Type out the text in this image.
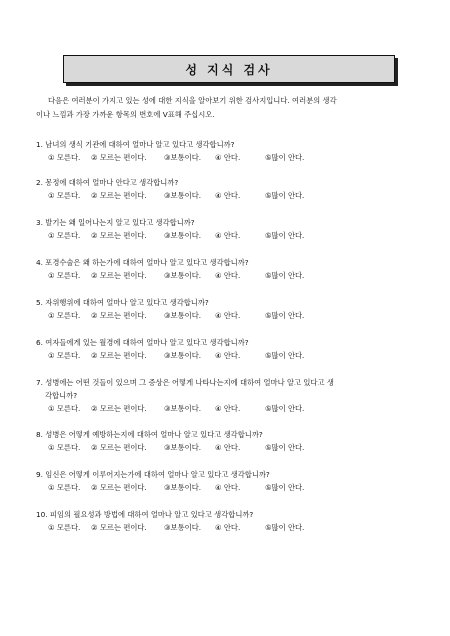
성 지식 검사
다음은 여러분이 가지고 있는 성에 대한 지식을 알아보기 위한 검사지입니다. 여러분의 생각
이나 느낌과 가장 가까운 항목의 번호에 V표해 주십시오.
1. 남녀의 생식 기관에 대하여 얼마나 알고 있다고 생각합니까?
① 모른다. ② 모르는 편이다. ③보통이다. ④ 안다.	⑤많이 안다.
2. 몽정에 대하여 얼마나 안다고 생각합니까?
① 모른다. ② 모르는 편이다. ③보통이다. ④ 안다.	⑤많이 안다.
3. 발기는 왜 일어나는지 알고 있다고 생각합니까?
① 모른다. ② 모르는 편이다. ③보통이다. ④ 안다.	⑤많이 안다.
4. 포경수술은 왜 하는가에 대하여 얼마나 알고 있다고 생각합니까?
① 모른다. ② 모르는 편이다. ③보통이다. ④ 안다.	⑤많이 안다.
5. 자위행위에 대하여 얼마나 알고 있다고 생각합니까?
① 모른다. ② 모르는 편이다. ③보통이다. ④ 안다.	⑤많이 안다.
6. 여자들에게 있는 월경에 대하여 얼마나 알고 있다고 생각합니까?
① 모른다. ② 모르는 편이다. ③보통이다. ④ 안다.	⑤많이 안다.
7. 성병에는 어떤 것들이 있으며 그 증상은 어떻게 나타나는지에 대하여 얼마나 알고 있다고 생
각합니까?
① 모른다. ② 모르는 편이다. ③보통이다. ④ 안다.	⑤많이 안다.
8. 성병은 어떻게 예방하는지에 대하여 얼마나 알고 있다고 생각합니까?
① 모른다. ② 모르는 편이다. ③보통이다. ④ 안다.	⑤많이 안다.
9. 임신은 어떻게 이루어지는가에 대하여 얼마나 알고 있다고 생각합니까?
① 모른다. ② 모르는 편이다. ③보통이다. ④ 안다.	⑤많이 안다.
10. 피임의 필요성과 방법에 대하여 얼마나 알고 있다고 생각합니까?
① 모른다. ② 모르는 편이다. ③보통이다. ④ 안다.	⑤많이 안다.
